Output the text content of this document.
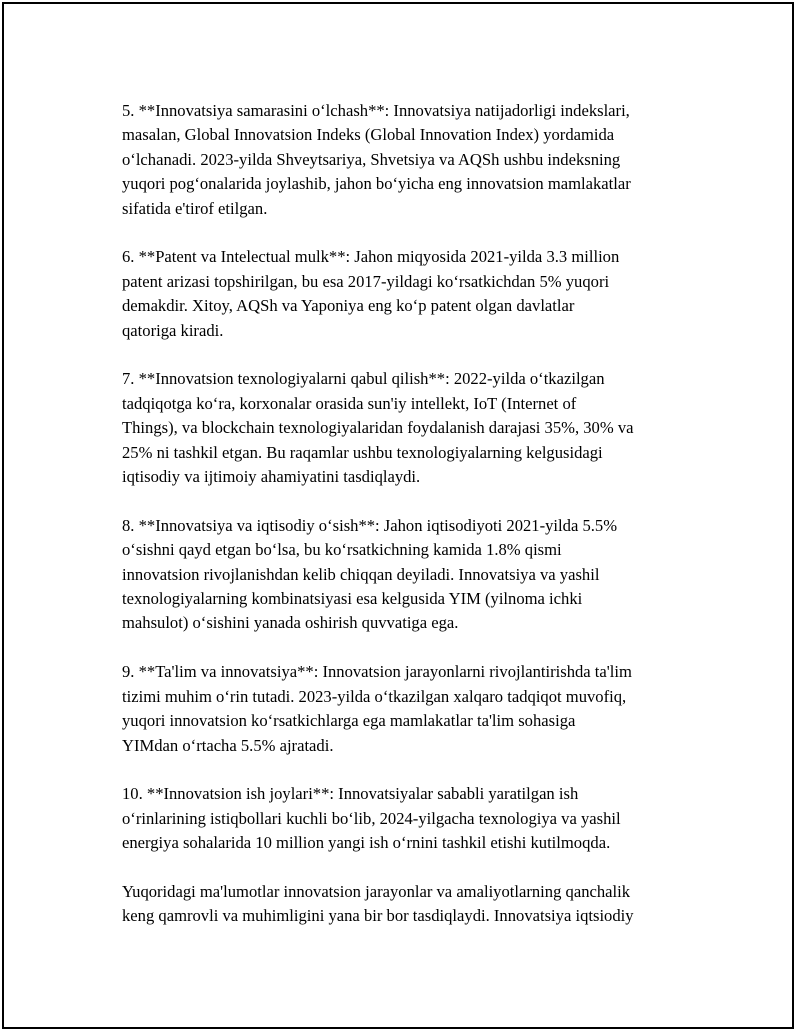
5. **Innovatsiya samarasini oʻlchash**: Innovatsiya natijadorligi indekslari,
masalan, Global Innovatsion Indeks (Global Innovation Index) yordamida
oʻlchanadi. 2023-yilda Shveytsariya, Shvetsiya va AQSh ushbu indeksning
yuqori pogʻonalarida joylashib, jahon boʻyicha eng innovatsion mamlakatlar
sifatida e'tirof etilgan.

6. **Patent va Intelectual mulk**: Jahon miqyosida 2021-yilda 3.3 million
patent arizasi topshirilgan, bu esa 2017-yildagi koʻrsatkichdan 5% yuqori
demakdir. Xitoy, AQSh va Yaponiya eng koʻp patent olgan davlatlar
qatoriga kiradi.

7. **Innovatsion texnologiyalarni qabul qilish**: 2022-yilda oʻtkazilgan
tadqiqotga koʻra, korxonalar orasida sun'iy intellekt, IoT (Internet of
Things), va blockchain texnologiyalaridan foydalanish darajasi 35%, 30% va
25% ni tashkil etgan. Bu raqamlar ushbu texnologiyalarning kelgusidagi
iqtisodiy va ijtimoiy ahamiyatini tasdiqlaydi.

8. **Innovatsiya va iqtisodiy oʻsish**: Jahon iqtisodiyoti 2021-yilda 5.5%
oʻsishni qayd etgan boʻlsa, bu koʻrsatkichning kamida 1.8% qismi
innovatsion rivojlanishdan kelib chiqqan deyiladi. Innovatsiya va yashil
texnologiyalarning kombinatsiyasi esa kelgusida YIM (yilnoma ichki
mahsulot) oʻsishini yanada oshirish quvvatiga ega.

9. **Ta'lim va innovatsiya**: Innovatsion jarayonlarni rivojlantirishda ta'lim
tizimi muhim oʻrin tutadi. 2023-yilda oʻtkazilgan xalqaro tadqiqot muvofiq,
yuqori innovatsion koʻrsatkichlarga ega mamlakatlar ta'lim sohasiga
YIMdan oʻrtacha 5.5% ajratadi.

10. **Innovatsion ish joylari**: Innovatsiyalar sababli yaratilgan ish
oʻrinlarining istiqbollari kuchli boʻlib, 2024-yilgacha texnologiya va yashil
energiya sohalarida 10 million yangi ish oʻrnini tashkil etishi kutilmoqda.

Yuqoridagi ma'lumotlar innovatsion jarayonlar va amaliyotlarning qanchalik
keng qamrovli va muhimligini yana bir bor tasdiqlaydi. Innovatsiya iqtsiodiy
